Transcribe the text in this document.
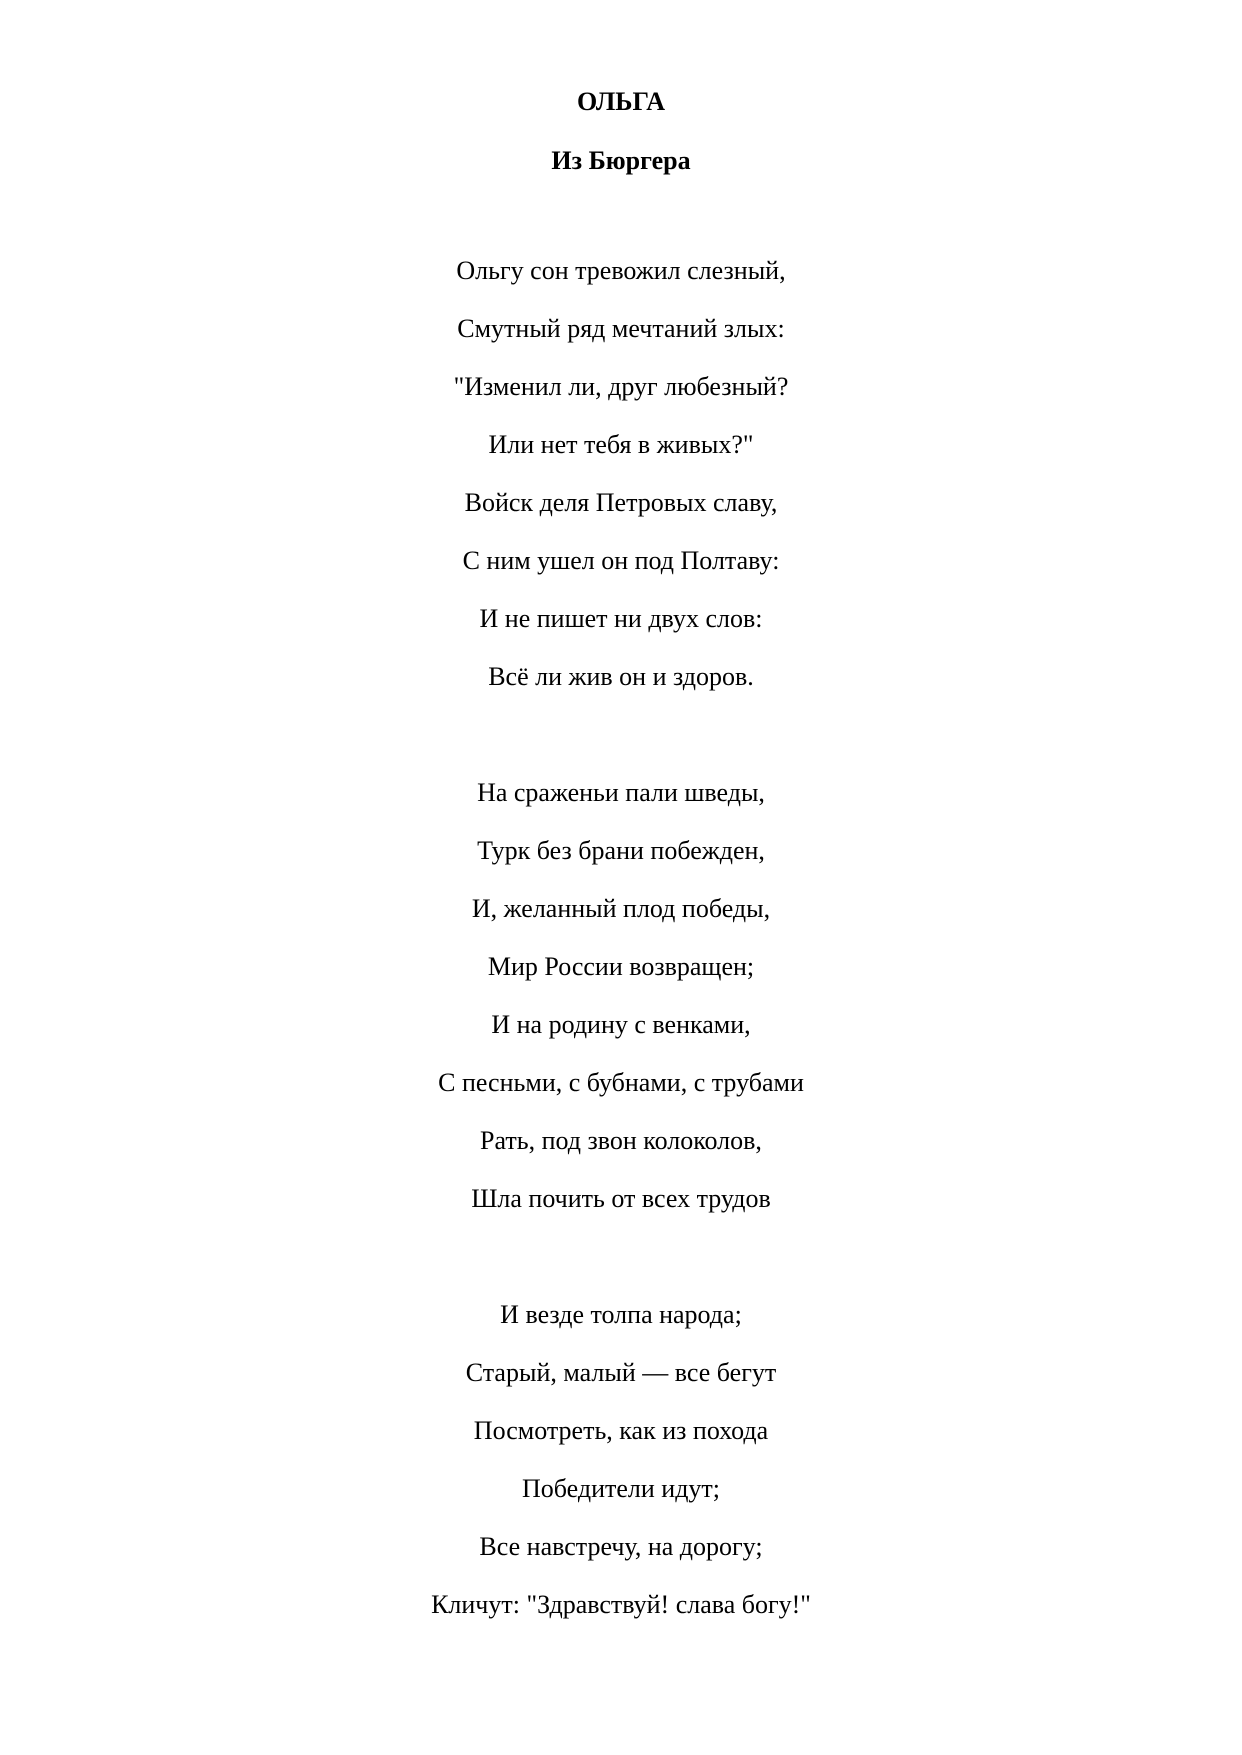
ОЛЬГА
Из Бюргера
Ольгу сон тревожил слезный,
Смутный ряд мечтаний злых:
"Изменил ли, друг любезный?
Или нет тебя в живых?"
Войск деля Петровых славу,
С ним ушел он под Полтаву:
И не пишет ни двух слов:
Всё ли жив он и здоров.
На сраженьи пали шведы,
Турк без брани побежден,
И, желанный плод победы,
Мир России возвращен;
И на родину с венками,
С песньми, с бубнами, с трубами
Рать, под звон колоколов,
Шла почить от всех трудов
И везде толпа народа;
Старый, малый — все бегут
Посмотреть, как из похода
Победители идут;
Все навстречу, на дорогу;
Кличут: "Здравствуй! слава богу!"
